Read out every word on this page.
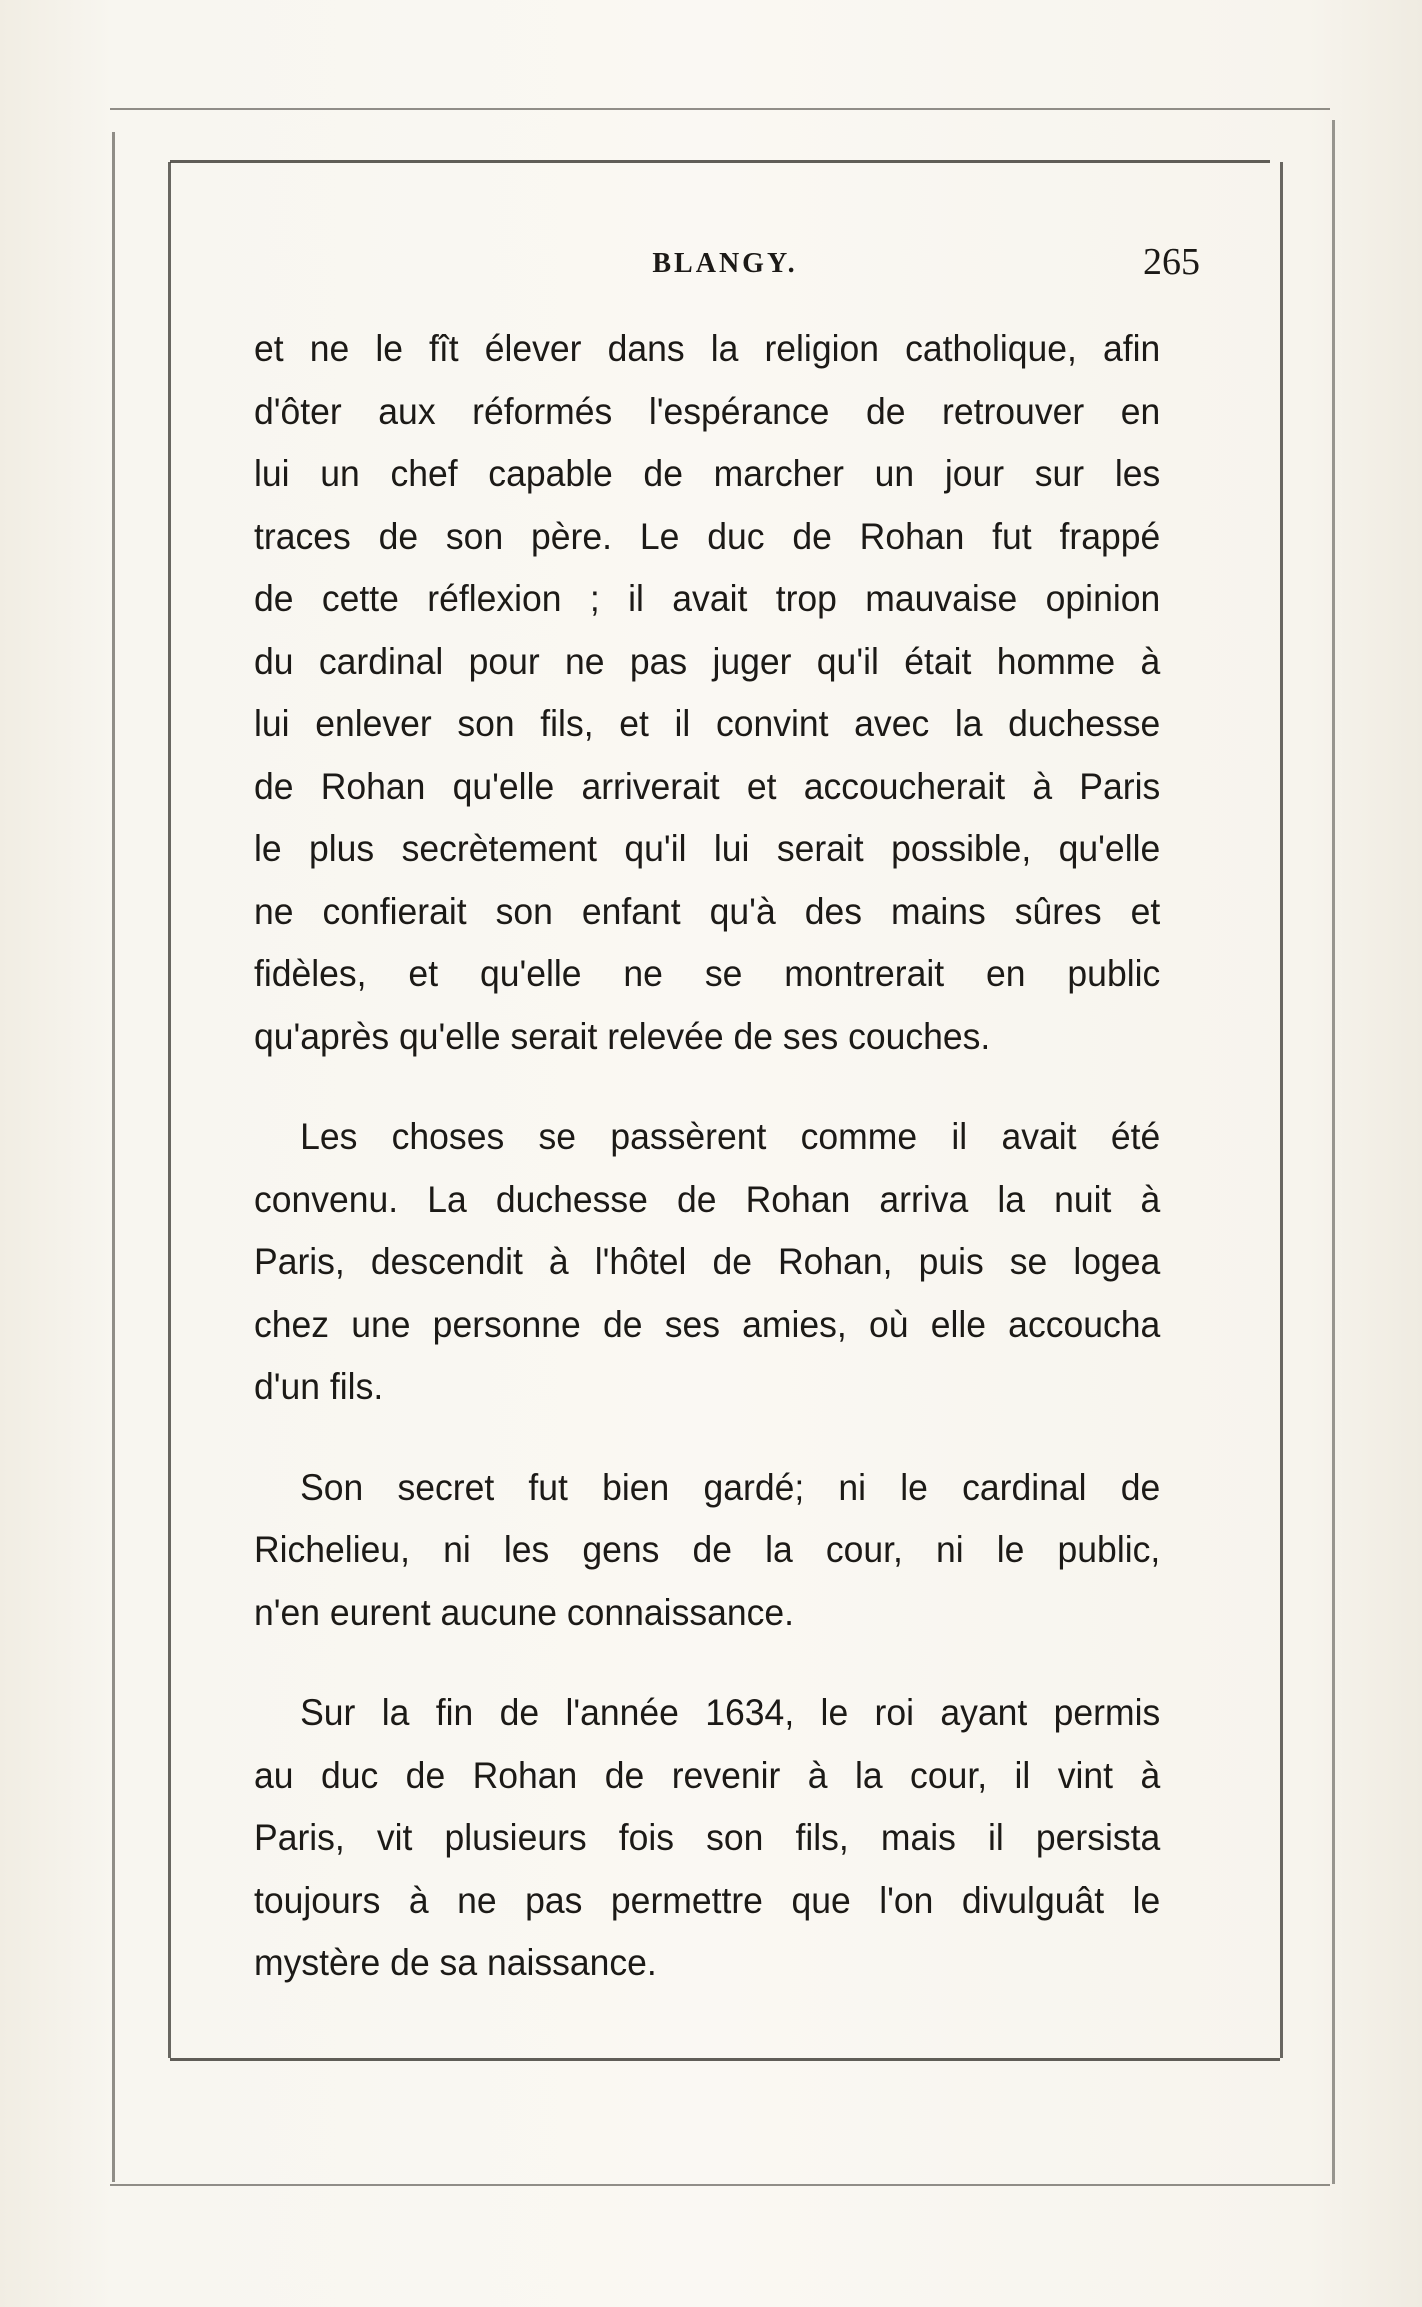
BLANGY.	265

et ne le fît élever dans la religion catholique, afin
d'ôter aux réformés l'espérance de retrouver en
lui un chef capable de marcher un jour sur les
traces de son père. Le duc de Rohan fut frappé
de cette réflexion ; il avait trop mauvaise opinion
du cardinal pour ne pas juger qu'il était homme à
lui enlever son fils, et il convint avec la duchesse
de Rohan qu'elle arriverait et accoucherait à Paris
le plus secrètement qu'il lui serait possible, qu'elle
ne confierait son enfant qu'à des mains sûres et
fidèles, et qu'elle ne se montrerait en public
qu'après qu'elle serait relevée de ses couches.

Les choses se passèrent comme il avait été
convenu. La duchesse de Rohan arriva la nuit à
Paris, descendit à l'hôtel de Rohan, puis se logea
chez une personne de ses amies, où elle accoucha
d'un fils.

Son secret fut bien gardé; ni le cardinal de
Richelieu, ni les gens de la cour, ni le public,
n'en eurent aucune connaissance.

Sur la fin de l'année 1634, le roi ayant permis
au duc de Rohan de revenir à la cour, il vint à
Paris, vit plusieurs fois son fils, mais il persista
toujours à ne pas permettre que l'on divulguât le
mystère de sa naissance.
